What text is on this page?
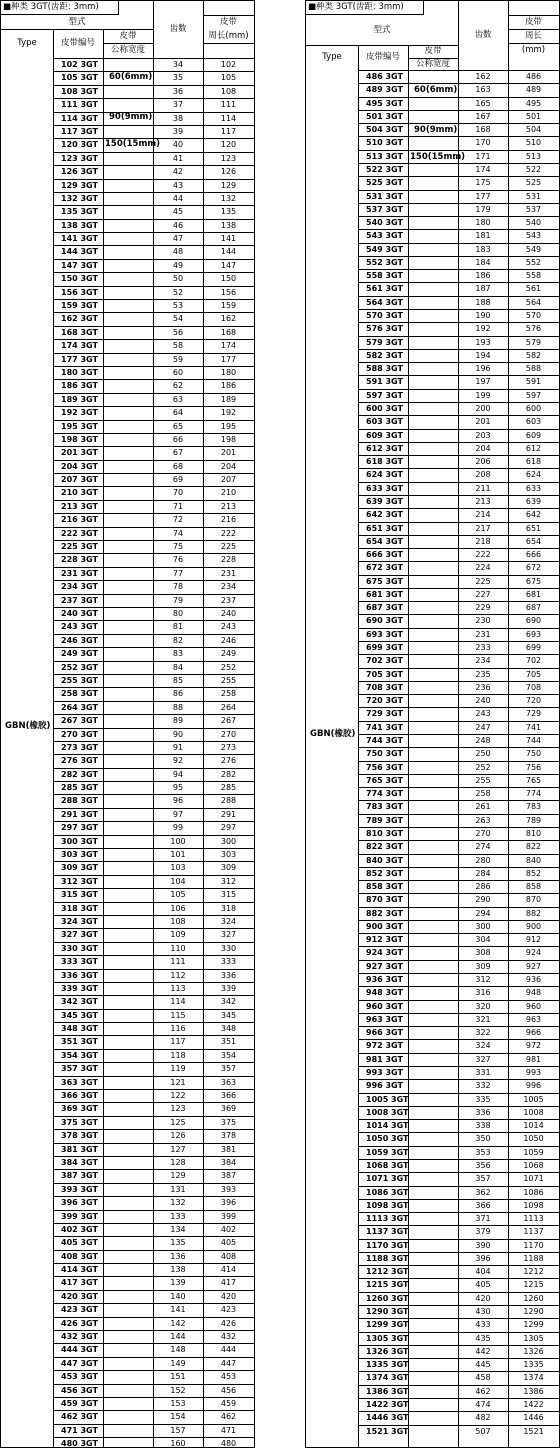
■种类 3GT(齿距: 3mm)
型式
Type	皮带编号
皮带
公称宽度
齿数
皮带
周长(mm)
GBN(橡胶)
60(6mm)
90(9mm)
150(15mm)
102 3GT	34	102
105 3GT	35	105
108 3GT	36	108
111 3GT	37	111
114 3GT	38	114
117 3GT	39	117
120 3GT	40	120
123 3GT	41	123
126 3GT	42	126
129 3GT	43	129
132 3GT	44	132
135 3GT	45	135
138 3GT	46	138
141 3GT	47	141
144 3GT	48	144
147 3GT	49	147
150 3GT	50	150
156 3GT	52	156
159 3GT	53	159
162 3GT	54	162
168 3GT	56	168
174 3GT	58	174
177 3GT	59	177
180 3GT	60	180
186 3GT	62	186
189 3GT	63	189
192 3GT	64	192
195 3GT	65	195
198 3GT	66	198
201 3GT	67	201
204 3GT	68	204
207 3GT	69	207
210 3GT	70	210
213 3GT	71	213
216 3GT	72	216
222 3GT	74	222
225 3GT	75	225
228 3GT	76	228
231 3GT	77	231
234 3GT	78	234
237 3GT	79	237
240 3GT	80	240
243 3GT	81	243
246 3GT	82	246
249 3GT	83	249
252 3GT	84	252
255 3GT	85	255
258 3GT	86	258
264 3GT	88	264
267 3GT	89	267
270 3GT	90	270
273 3GT	91	273
276 3GT	92	276
282 3GT	94	282
285 3GT	95	285
288 3GT	96	288
291 3GT	97	291
297 3GT	99	297
300 3GT	100	300
303 3GT	101	303
309 3GT	103	309
312 3GT	104	312
315 3GT	105	315
318 3GT	106	318
324 3GT	108	324
327 3GT	109	327
330 3GT	110	330
333 3GT	111	333
336 3GT	112	336
339 3GT	113	339
342 3GT	114	342
345 3GT	115	345
348 3GT	116	348
351 3GT	117	351
354 3GT	118	354
357 3GT	119	357
363 3GT	121	363
366 3GT	122	366
369 3GT	123	369
375 3GT	125	375
378 3GT	126	378
381 3GT	127	381
384 3GT	128	384
387 3GT	129	387
393 3GT	131	393
396 3GT	132	396
399 3GT	133	399
402 3GT	134	402
405 3GT	135	405
408 3GT	136	408
414 3GT	138	414
417 3GT	139	417
420 3GT	140	420
423 3GT	141	423
426 3GT	142	426
432 3GT	144	432
444 3GT	148	444
447 3GT	149	447
453 3GT	151	453
456 3GT	152	456
459 3GT	153	459
462 3GT	154	462
471 3GT	157	471
480 3GT	160	480
■种类 3GT(齿距: 3mm)
型式
Type	皮带编号
皮带
公称宽度
齿数
皮带
周长
(mm)
GBN(橡胶)
60(6mm)
90(9mm)
150(15mm)
486 3GT	162	486
489 3GT	163	489
495 3GT	165	495
501 3GT	167	501
504 3GT	168	504
510 3GT	170	510
513 3GT	171	513
522 3GT	174	522
525 3GT	175	525
531 3GT	177	531
537 3GT	179	537
540 3GT	180	540
543 3GT	181	543
549 3GT	183	549
552 3GT	184	552
558 3GT	186	558
561 3GT	187	561
564 3GT	188	564
570 3GT	190	570
576 3GT	192	576
579 3GT	193	579
582 3GT	194	582
588 3GT	196	588
591 3GT	197	591
597 3GT	199	597
600 3GT	200	600
603 3GT	201	603
609 3GT	203	609
612 3GT	204	612
618 3GT	206	618
624 3GT	208	624
633 3GT	211	633
639 3GT	213	639
642 3GT	214	642
651 3GT	217	651
654 3GT	218	654
666 3GT	222	666
672 3GT	224	672
675 3GT	225	675
681 3GT	227	681
687 3GT	229	687
690 3GT	230	690
693 3GT	231	693
699 3GT	233	699
702 3GT	234	702
705 3GT	235	705
708 3GT	236	708
720 3GT	240	720
729 3GT	243	729
741 3GT	247	741
744 3GT	248	744
750 3GT	250	750
756 3GT	252	756
765 3GT	255	765
774 3GT	258	774
783 3GT	261	783
789 3GT	263	789
810 3GT	270	810
822 3GT	274	822
840 3GT	280	840
852 3GT	284	852
858 3GT	286	858
870 3GT	290	870
882 3GT	294	882
900 3GT	300	900
912 3GT	304	912
924 3GT	308	924
927 3GT	309	927
936 3GT	312	936
948 3GT	316	948
960 3GT	320	960
963 3GT	321	963
966 3GT	322	966
972 3GT	324	972
981 3GT	327	981
993 3GT	331	993
996 3GT	332	996
1005 3GT	335	1005
1008 3GT	336	1008
1014 3GT	338	1014
1050 3GT	350	1050
1059 3GT	353	1059
1068 3GT	356	1068
1071 3GT	357	1071
1086 3GT	362	1086
1098 3GT	366	1098
1113 3GT	371	1113
1137 3GT	379	1137
1170 3GT	390	1170
1188 3GT	396	1188
1212 3GT	404	1212
1215 3GT	405	1215
1260 3GT	420	1260
1290 3GT	430	1290
1299 3GT	433	1299
1305 3GT	435	1305
1326 3GT	442	1326
1335 3GT	445	1335
1374 3GT	458	1374
1386 3GT	462	1386
1422 3GT	474	1422
1446 3GT	482	1446
1521 3GT	507	1521
